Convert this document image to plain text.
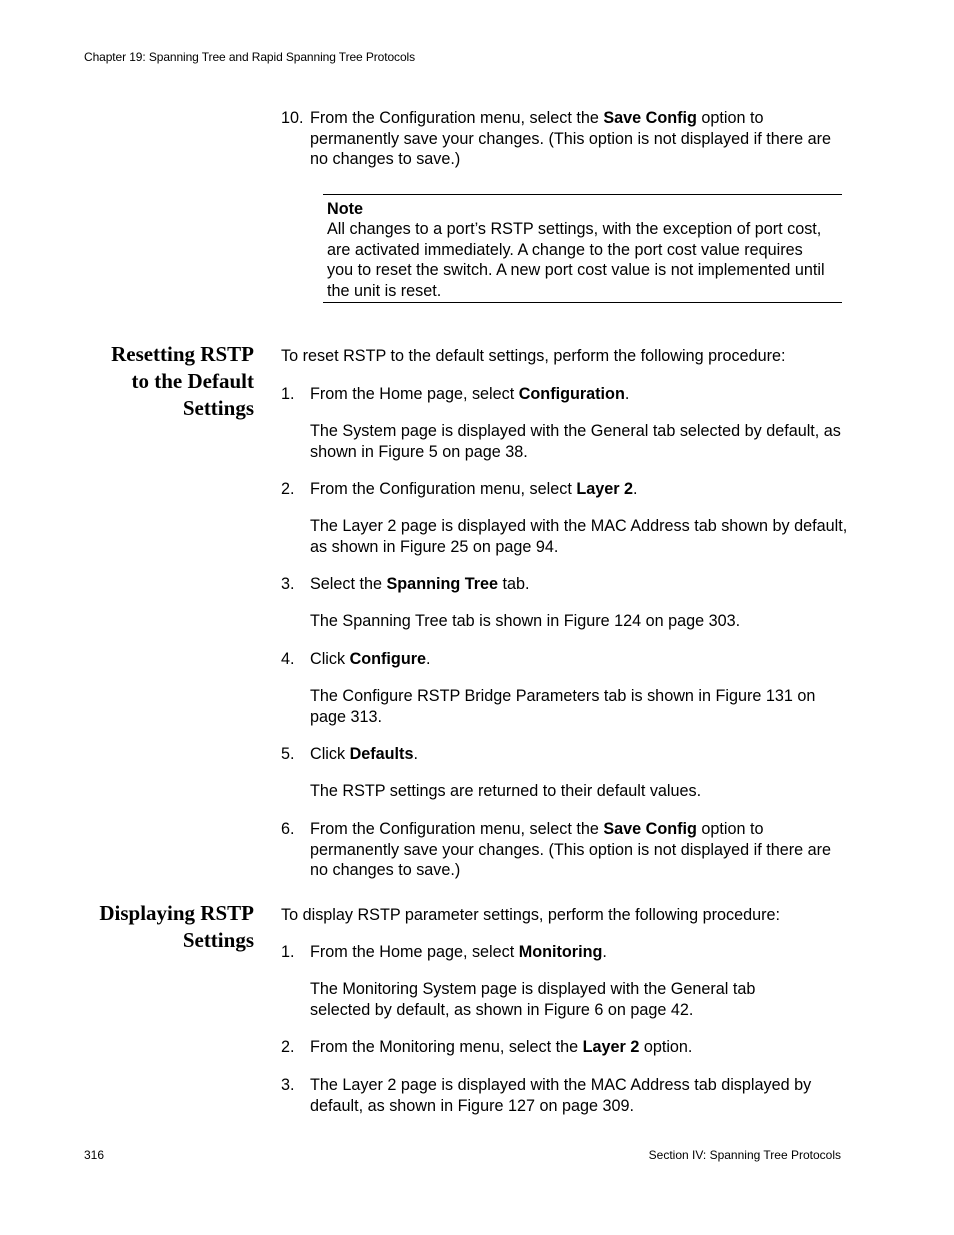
Chapter 19: Spanning Tree and Rapid Spanning Tree Protocols
10. From the Configuration menu, select the Save Config option to permanently save your changes. (This option is not displayed if there are no changes to save.)
Note
All changes to a port’s RSTP settings, with the exception of port cost, are activated immediately. A change to the port cost value requires you to reset the switch. A new port cost value is not implemented until the unit is reset.
Resetting RSTP
to the Default
Settings
To reset RSTP to the default settings, perform the following procedure:
1. From the Home page, select Configuration.
The System page is displayed with the General tab selected by default, as shown in Figure 5 on page 38.
2. From the Configuration menu, select Layer 2.
The Layer 2 page is displayed with the MAC Address tab shown by default, as shown in Figure 25 on page 94.
3. Select the Spanning Tree tab.
The Spanning Tree tab is shown in Figure 124 on page 303.
4. Click Configure.
The Configure RSTP Bridge Parameters tab is shown in Figure 131 on page 313.
5. Click Defaults.
The RSTP settings are returned to their default values.
6. From the Configuration menu, select the Save Config option to permanently save your changes. (This option is not displayed if there are no changes to save.)
Displaying RSTP
Settings
To display RSTP parameter settings, perform the following procedure:
1. From the Home page, select Monitoring.
The Monitoring System page is displayed with the General tab selected by default, as shown in Figure 6 on page 42.
2. From the Monitoring menu, select the Layer 2 option.
3. The Layer 2 page is displayed with the MAC Address tab displayed by default, as shown in Figure 127 on page 309.
316	Section IV: Spanning Tree Protocols
